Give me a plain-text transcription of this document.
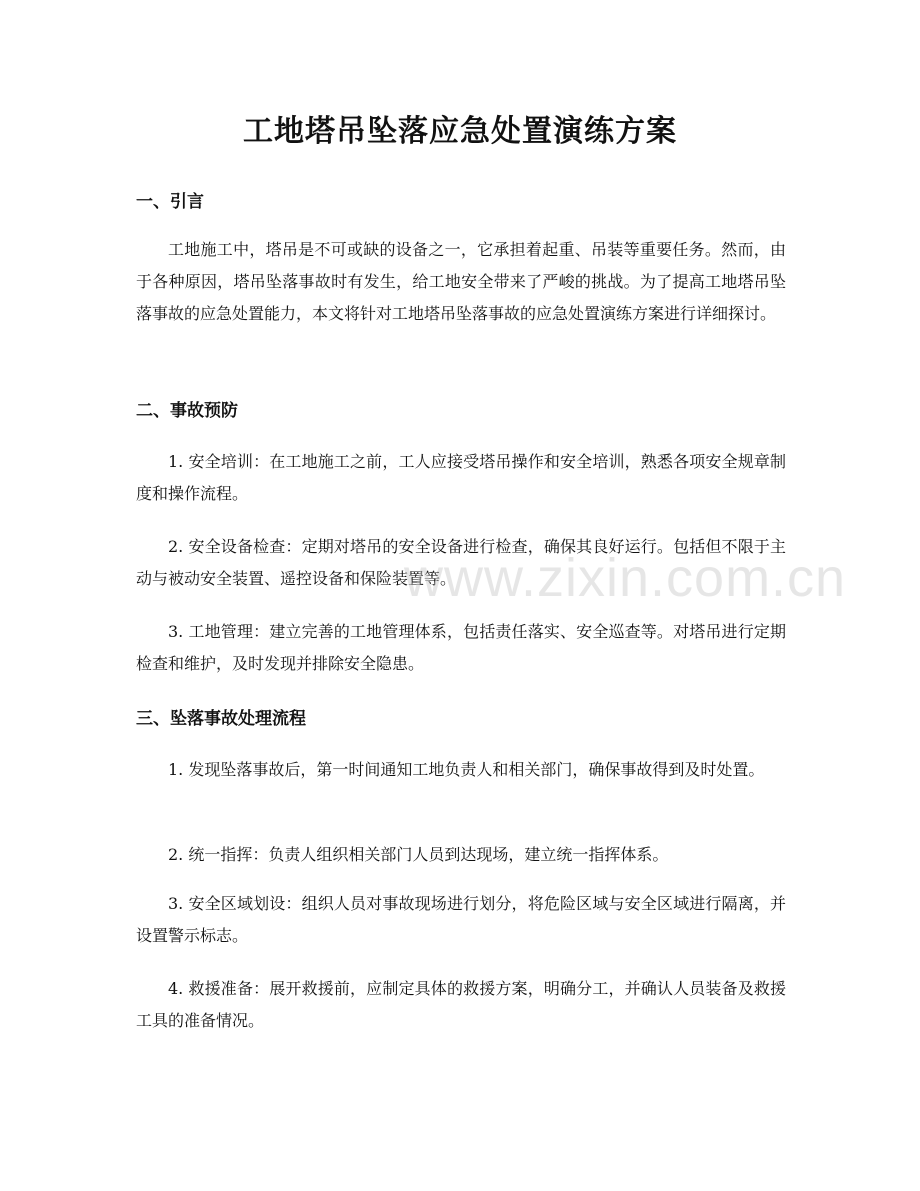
工地塔吊坠落应急处置演练方案
一、引言

工地施工中，塔吊是不可或缺的设备之一，它承担着起重、吊装等重要任务。然而，由于各种原因，塔吊坠落事故时有发生，给工地安全带来了严峻的挑战。为了提高工地塔吊坠落事故的应急处置能力，本文将针对工地塔吊坠落事故的应急处置演练方案进行详细探讨。

二、事故预防

1. 安全培训：在工地施工之前，工人应接受塔吊操作和安全培训，熟悉各项安全规章制度和操作流程。

2. 安全设备检查：定期对塔吊的安全设备进行检查，确保其良好运行。包括但不限于主动与被动安全装置、遥控设备和保险装置等。

3. 工地管理：建立完善的工地管理体系，包括责任落实、安全巡查等。对塔吊进行定期检查和维护，及时发现并排除安全隐患。

三、坠落事故处理流程

1. 发现坠落事故后，第一时间通知工地负责人和相关部门，确保事故得到及时处置。

2. 统一指挥：负责人组织相关部门人员到达现场，建立统一指挥体系。

3. 安全区域划设：组织人员对事故现场进行划分，将危险区域与安全区域进行隔离，并设置警示标志。

4. 救援准备：展开救援前，应制定具体的救援方案，明确分工，并确认人员装备及救援工具的准备情况。

www.zixin.com.cn
